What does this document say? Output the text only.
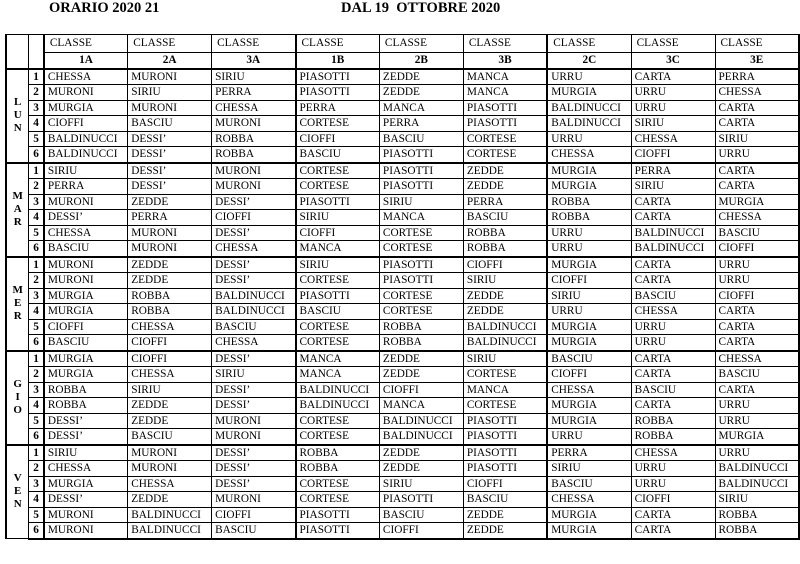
ORARIO 2020 21	DAL 19  OTTOBRE 2020
		CLASSE	CLASSE	CLASSE	CLASSE	CLASSE	CLASSE	CLASSE	CLASSE	CLASSE
		1A	2A	3A	1B	2B	3B	2C	3C	3E

L
U
N	1	CHESSA	MURONI	SIRIU	PIASOTTI	ZEDDE	MANCA	URRU	CARTA	PERRA
	2	MURONI	SIRIU	PERRA	PIASOTTI	ZEDDE	MANCA	MURGIA	URRU	CHESSA
	3	MURGIA	MURONI	CHESSA	PERRA	MANCA	PIASOTTI	BALDINUCCI	URRU	CARTA
	4	CIOFFI	BASCIU	MURONI	CORTESE	PERRA	PIASOTTI	BALDINUCCI	SIRIU	CARTA
	5	BALDINUCCI	DESSI’	ROBBA	CIOFFI	BASCIU	CORTESE	URRU	CHESSA	SIRIU
	6	BALDINUCCI	DESSI’	ROBBA	BASCIU	PIASOTTI	CORTESE	CHESSA	CIOFFI	URRU

M
A
R	1	SIRIU	DESSI’	MURONI	CORTESE	PIASOTTI	ZEDDE	MURGIA	PERRA	CARTA
	2	PERRA	DESSI’	MURONI	CORTESE	PIASOTTI	ZEDDE	MURGIA	SIRIU	CARTA
	3	MURONI	ZEDDE	DESSI’	PIASOTTI	SIRIU	PERRA	ROBBA	CARTA	MURGIA
	4	DESSI’	PERRA	CIOFFI	SIRIU	MANCA	BASCIU	ROBBA	CARTA	CHESSA
	5	CHESSA	MURONI	DESSI’	CIOFFI	CORTESE	ROBBA	URRU	BALDINUCCI	BASCIU
	6	BASCIU	MURONI	CHESSA	MANCA	CORTESE	ROBBA	URRU	BALDINUCCI	CIOFFI

M
E
R	1	MURONI	ZEDDE	DESSI’	SIRIU	PIASOTTI	CIOFFI	MURGIA	CARTA	URRU
	2	MURONI	ZEDDE	DESSI’	CORTESE	PIASOTTI	SIRIU	CIOFFI	CARTA	URRU
	3	MURGIA	ROBBA	BALDINUCCI	PIASOTTI	CORTESE	ZEDDE	SIRIU	BASCIU	CIOFFI
	4	MURGIA	ROBBA	BALDINUCCI	BASCIU	CORTESE	ZEDDE	URRU	CHESSA	CARTA
	5	CIOFFI	CHESSA	BASCIU	CORTESE	ROBBA	BALDINUCCI	MURGIA	URRU	CARTA
	6	BASCIU	CIOFFI	CHESSA	CORTESE	ROBBA	BALDINUCCI	MURGIA	URRU	CARTA

G
I
O	1	MURGIA	CIOFFI	DESSI’	MANCA	ZEDDE	SIRIU	BASCIU	CARTA	CHESSA
	2	MURGIA	CHESSA	SIRIU	MANCA	ZEDDE	CORTESE	CIOFFI	CARTA	BASCIU
	3	ROBBA	SIRIU	DESSI’	BALDINUCCI	CIOFFI	MANCA	CHESSA	BASCIU	CARTA
	4	ROBBA	ZEDDE	DESSI’	BALDINUCCI	MANCA	CORTESE	MURGIA	CARTA	URRU
	5	DESSI’	ZEDDE	MURONI	CORTESE	BALDINUCCI	PIASOTTI	MURGIA	ROBBA	URRU
	6	DESSI’	BASCIU	MURONI	CORTESE	BALDINUCCI	PIASOTTI	URRU	ROBBA	MURGIA

V
E
N	1	SIRIU	MURONI	DESSI’	ROBBA	ZEDDE	PIASOTTI	PERRA	CHESSA	URRU
	2	CHESSA	MURONI	DESSI’	ROBBA	ZEDDE	PIASOTTI	SIRIU	URRU	BALDINUCCI
	3	MURGIA	CHESSA	DESSI’	CORTESE	SIRIU	CIOFFI	BASCIU	URRU	BALDINUCCI
	4	DESSI’	ZEDDE	MURONI	CORTESE	PIASOTTI	BASCIU	CHESSA	CIOFFI	SIRIU
	5	MURONI	BALDINUCCI	CIOFFI	PIASOTTI	BASCIU	ZEDDE	MURGIA	CARTA	ROBBA
	6	MURONI	BALDINUCCI	BASCIU	PIASOTTI	CIOFFI	ZEDDE	MURGIA	CARTA	ROBBA
